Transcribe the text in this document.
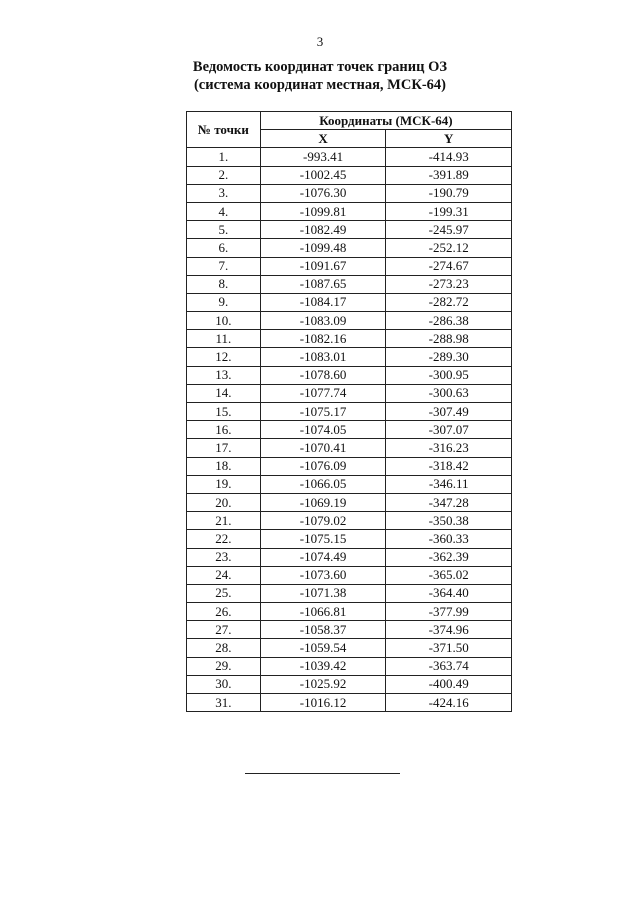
3
Ведомость координат точек границ ОЗ
(система координат местная, МСК-64)
№ точки	Координаты (МСК-64)	
	X	Y
1.	-993.41	-414.93
2.	-1002.45	-391.89
3.	-1076.30	-190.79
4.	-1099.81	-199.31
5.	-1082.49	-245.97
6.	-1099.48	-252.12
7.	-1091.67	-274.67
8.	-1087.65	-273.23
9.	-1084.17	-282.72
10.	-1083.09	-286.38
11.	-1082.16	-288.98
12.	-1083.01	-289.30
13.	-1078.60	-300.95
14.	-1077.74	-300.63
15.	-1075.17	-307.49
16.	-1074.05	-307.07
17.	-1070.41	-316.23
18.	-1076.09	-318.42
19.	-1066.05	-346.11
20.	-1069.19	-347.28
21.	-1079.02	-350.38
22.	-1075.15	-360.33
23.	-1074.49	-362.39
24.	-1073.60	-365.02
25.	-1071.38	-364.40
26.	-1066.81	-377.99
27.	-1058.37	-374.96
28.	-1059.54	-371.50
29.	-1039.42	-363.74
30.	-1025.92	-400.49
31.	-1016.12	-424.16
